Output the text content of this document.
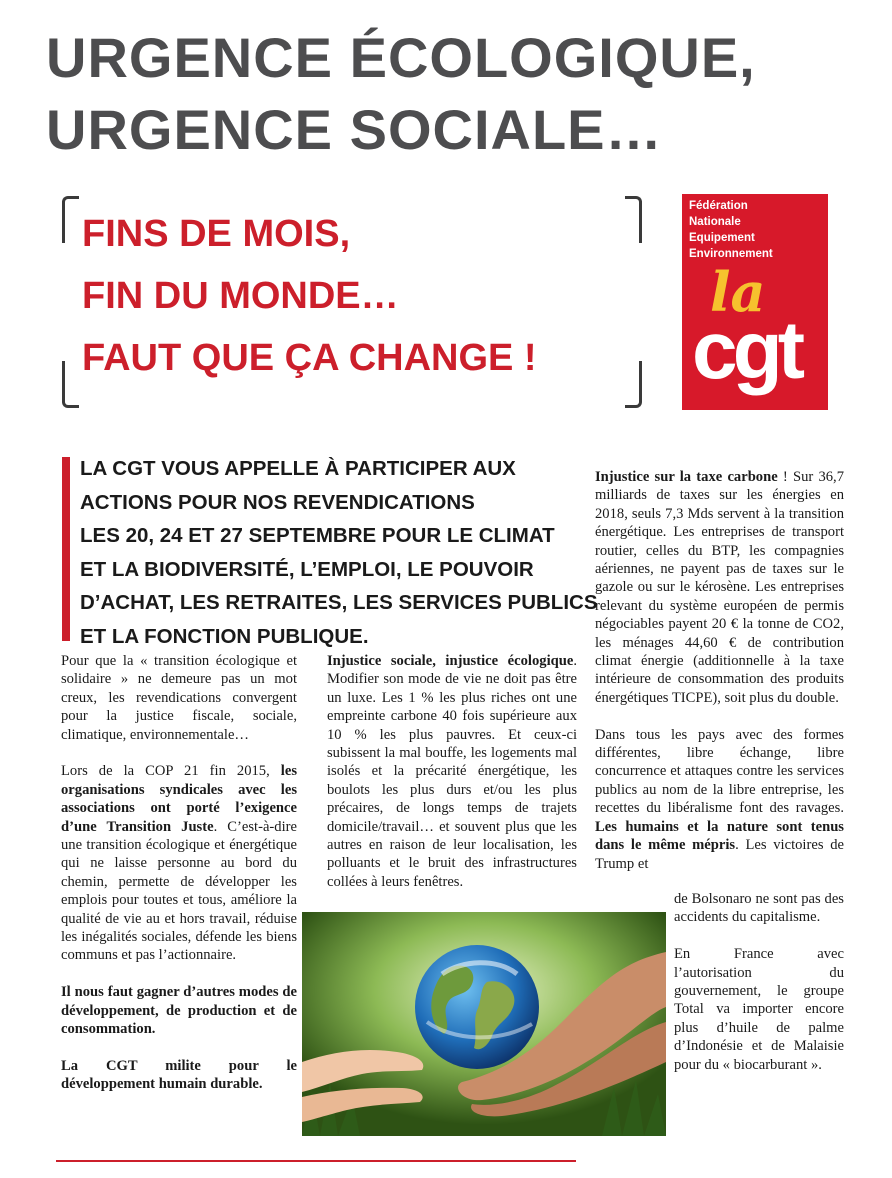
URGENCE ÉCOLOGIQUE,
URGENCE SOCIALE…
FINS DE MOIS,
FIN DU MONDE…
FAUT QUE ÇA CHANGE !
Fédération
Nationale
Equipement
Environnement
la
cgt
LA CGT VOUS APPELLE À PARTICIPER AUX
ACTIONS POUR NOS REVENDICATIONS
LES 20, 24 ET 27 SEPTEMBRE POUR LE CLIMAT
ET LA BIODIVERSITÉ, L’EMPLOI, LE POUVOIR
D’ACHAT, LES RETRAITES, LES SERVICES PUBLICS
ET LA FONCTION PUBLIQUE.

Pour que la « transition écologique et solidaire » ne demeure pas un mot creux, les revendications convergent pour la justice fiscale, sociale, climatique, environnementale…

Lors de la COP 21 fin 2015, les organisations syndicales avec les associations ont porté l’exigence d’une Transition Juste. C’est-à-dire une transition écologique et énergétique qui ne laisse personne au bord du chemin, permette de développer les emplois pour toutes et tous, améliore la qualité de vie au et hors travail, réduise les inégalités sociales, défende les biens communs et pas l’actionnaire.

Il nous faut gagner d’autres modes de développement, de production et de consommation.

La CGT milite pour le développement humain durable.

Injustice sociale, injustice écologique. Modifier son mode de vie ne doit pas être un luxe. Les 1 % les plus riches ont une empreinte carbone 40 fois supérieure aux 10 % les plus pauvres. Et ceux-ci subissent la mal bouffe, les logements mal isolés et la précarité énergétique, les boulots les plus durs et/ou les plus précaires, de longs temps de trajets domicile/travail… et souvent plus que les autres en raison de leur localisation, les polluants et le bruit des infrastructures collées à leurs fenêtres.

Injustice sur la taxe carbone ! Sur 36,7 milliards de taxes sur les énergies en 2018, seuls 7,3 Mds servent à la transition énergétique. Les entreprises de transport routier, celles du BTP, les compagnies aériennes, ne payent pas de taxes sur le gazole ou sur le kérosène. Les entreprises relevant du système européen de permis négociables payent 20 € la tonne de CO2, les ménages 44,60 € de contribution climat énergie (additionnelle à la taxe intérieure de consommation des produits énergétiques TICPE), soit plus du double.

Dans tous les pays avec des formes différentes, libre échange, libre concurrence et attaques contre les services publics au nom de la libre entreprise, les recettes du libéralisme font des ravages. Les humains et la nature sont tenus dans le même mépris. Les victoires de Trump et

de Bolsonaro ne sont pas des accidents du capitalisme.

En France avec l’autorisation du gouvernement, le groupe Total va importer encore plus d’huile de palme d’Indonésie et de Malaisie pour du « biocarburant ».
